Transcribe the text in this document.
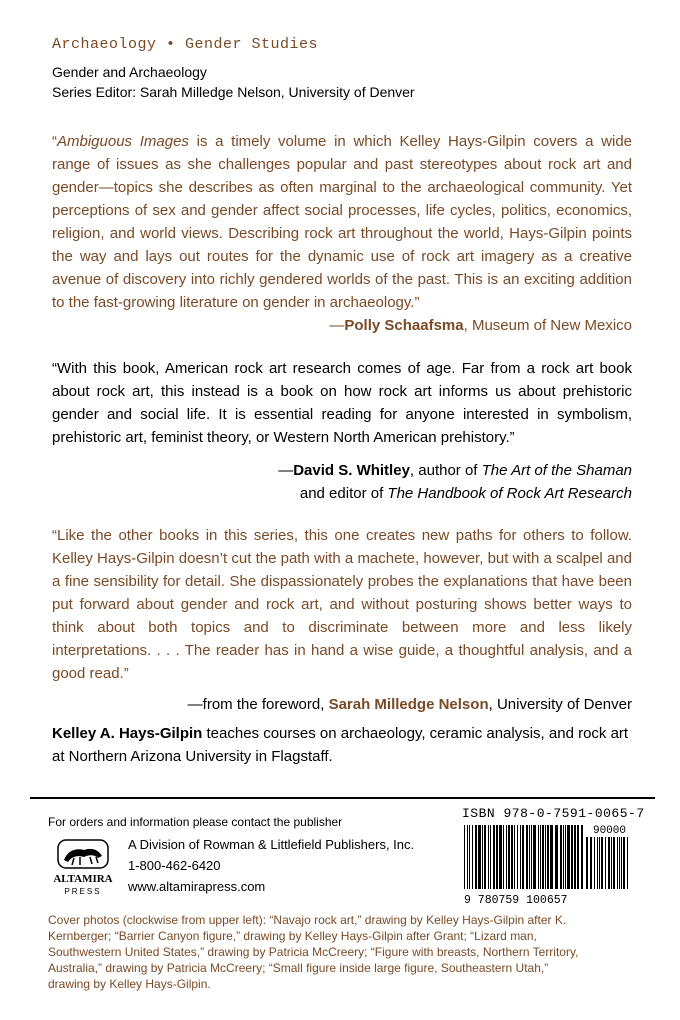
Archaeology • Gender Studies
Gender and Archaeology
Series Editor: Sarah Milledge Nelson, University of Denver
“Ambiguous Images is a timely volume in which Kelley Hays-Gilpin covers a wide range of issues as she challenges popular and past stereotypes about rock art and gender—topics she describes as often marginal to the archaeological community. Yet perceptions of sex and gender affect social processes, life cycles, politics, economics, religion, and world views. Describing rock art throughout the world, Hays-Gilpin points the way and lays out routes for the dynamic use of rock art imagery as a creative avenue of discovery into richly gendered worlds of the past. This is an exciting addition to the fast-growing literature on gender in archaeology.”
—Polly Schaafsma, Museum of New Mexico
“With this book, American rock art research comes of age. Far from a rock art book about rock art, this instead is a book on how rock art informs us about prehistoric gender and social life. It is essential reading for anyone interested in symbolism, prehistoric art, feminist theory, or Western North American prehistory.”
—David S. Whitley, author of The Art of the Shaman
and editor of The Handbook of Rock Art Research
“Like the other books in this series, this one creates new paths for others to follow. Kelley Hays-Gilpin doesn’t cut the path with a machete, however, but with a scalpel and a fine sensibility for detail. She dispassionately probes the explanations that have been put forward about gender and rock art, and without posturing shows better ways to think about both topics and to discriminate between more and less likely interpretations. . . . The reader has in hand a wise guide, a thoughtful analysis, and a good read.”
—from the foreword, Sarah Milledge Nelson, University of Denver
Kelley A. Hays-Gilpin teaches courses on archaeology, ceramic analysis, and rock art at Northern Arizona University in Flagstaff.
For orders and information please contact the publisher
ALTAMIRA
PRESS
A Division of Rowman & Littlefield Publishers, Inc.
1-800-462-6420
www.altamirapress.com
ISBN 978-0-7591-0065-7
90000
9 780759 100657
Cover photos (clockwise from upper left): “Navajo rock art,” drawing by Kelley Hays-Gilpin after K. Kernberger; “Barrier Canyon figure,” drawing by Kelley Hays-Gilpin after Grant; “Lizard man, Southwestern United States,” drawing by Patricia McCreery; “Figure with breasts, Northern Territory, Australia,” drawing by Patricia McCreery; “Small figure inside large figure, Southeastern Utah,” drawing by Kelley Hays-Gilpin.
